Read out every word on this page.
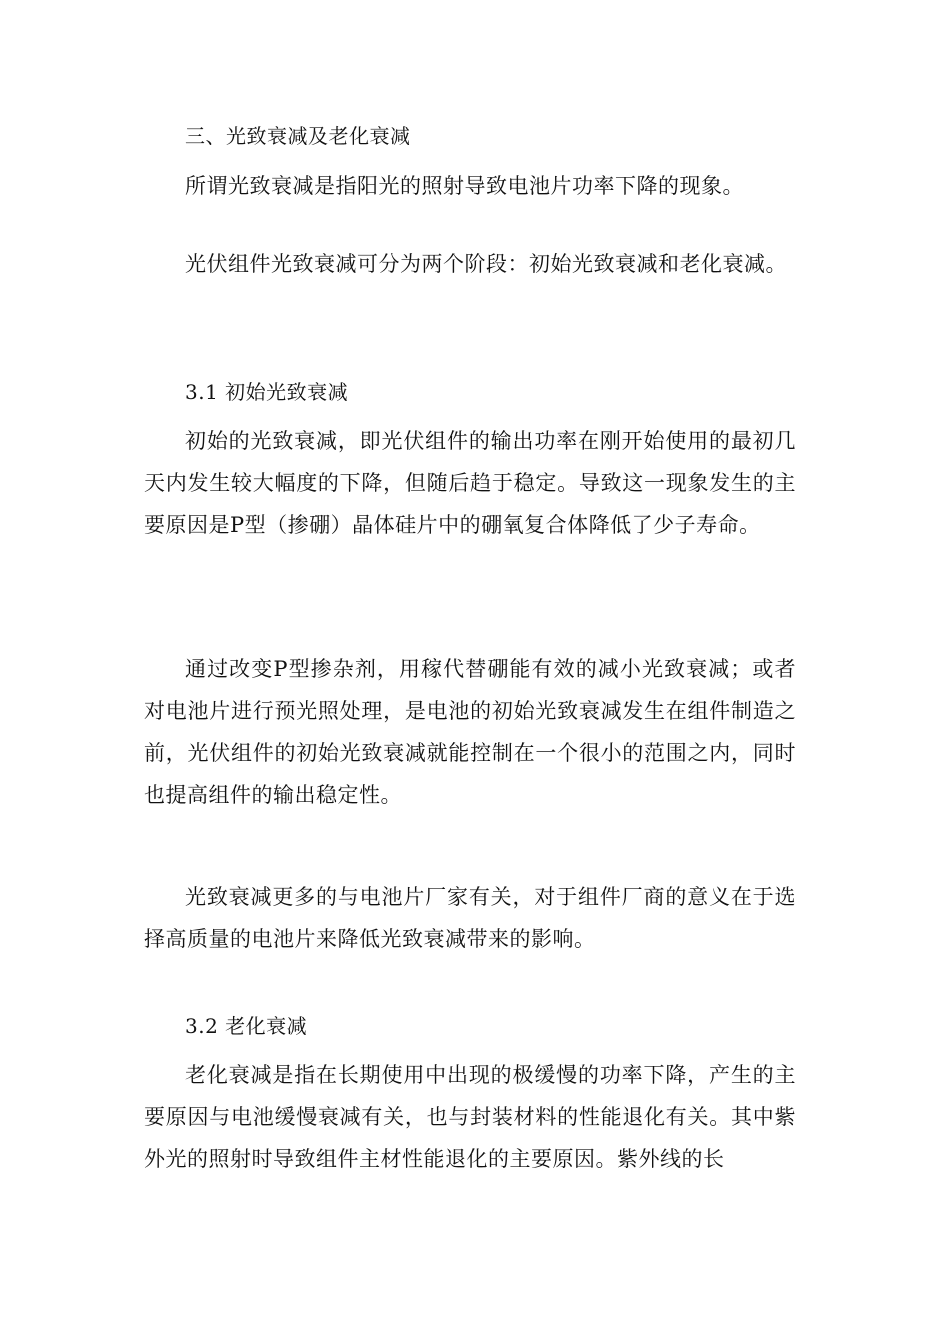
三、光致衰减及老化衰减

所谓光致衰减是指阳光的照射导致电池片功率下降的现象。

光伏组件光致衰减可分为两个阶段：初始光致衰减和老化衰减。

3.1 初始光致衰减

初始的光致衰减，即光伏组件的输出功率在刚开始使用的最初几天内发生较大幅度的下降，但随后趋于稳定。导致这一现象发生的主要原因是P型（掺硼）晶体硅片中的硼氧复合体降低了少子寿命。

通过改变P型掺杂剂，用稼代替硼能有效的减小光致衰减；或者对电池片进行预光照处理，是电池的初始光致衰减发生在组件制造之前，光伏组件的初始光致衰减就能控制在一个很小的范围之内，同时也提高组件的输出稳定性。

光致衰减更多的与电池片厂家有关，对于组件厂商的意义在于选择高质量的电池片来降低光致衰减带来的影响。

3.2 老化衰减

老化衰减是指在长期使用中出现的极缓慢的功率下降，产生的主要原因与电池缓慢衰减有关，也与封装材料的性能退化有关。其中紫外光的照射时导致组件主材性能退化的主要原因。紫外线的长
